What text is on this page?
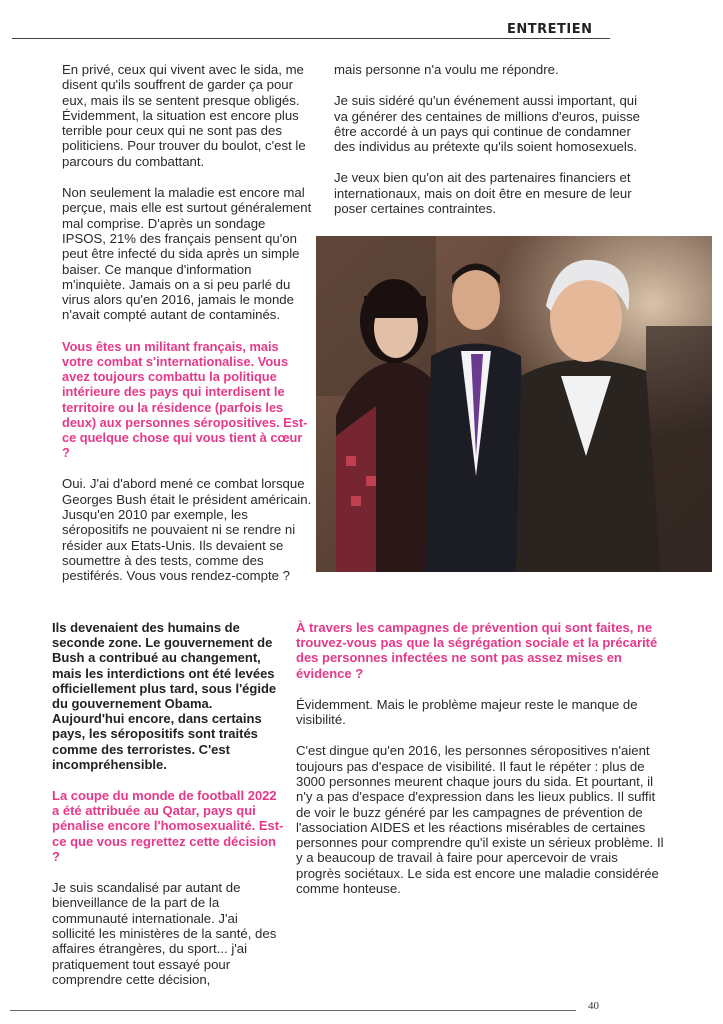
ENTRETIEN

En privé, ceux qui vivent avec le sida, me disent qu'ils souffrent de garder ça pour eux, mais ils se sentent presque obligés. Évidemment, la situation est encore plus terrible pour ceux qui ne sont pas des politiciens. Pour trouver du boulot, c'est le parcours du combattant.

Non seulement la maladie est encore mal perçue, mais elle est surtout généralement mal comprise. D'après un sondage IPSOS, 21% des français pensent qu'on peut être infecté du sida après un simple baiser. Ce manque d'information m'inquiète. Jamais on a si peu parlé du virus alors qu'en 2016, jamais le monde n'avait compté autant de contaminés.

Vous êtes un militant français, mais votre combat s'internationalise. Vous avez toujours combattu la politique intérieure des pays qui interdisent le territoire ou la résidence (parfois les deux) aux personnes séropositives. Est-ce quelque chose qui vous tient à cœur ?

Oui. J'ai d'abord mené ce combat lorsque Georges Bush était le président américain. Jusqu'en 2010 par exemple, les séropositifs ne pouvaient ni se rendre ni résider aux Etats-Unis. Ils devaient se soumettre à des tests, comme des pestiférés. Vous vous rendez-compte ?

mais personne n'a voulu me répondre.

Je suis sidéré qu'un événement aussi important, qui va générer des centaines de millions d'euros, puisse être accordé à un pays qui continue de condamner des individus au prétexte qu'ils soient homosexuels.

Je veux bien qu'on ait des partenaires financiers et internationaux, mais on doit être en mesure de leur poser certaines contraintes.

Ils devenaient des humains de seconde zone. Le gouvernement de Bush a contribué au changement, mais les interdictions ont été levées officiellement plus tard, sous l'égide du gouvernement Obama. Aujourd'hui encore, dans certains pays, les séropositifs sont traités comme des terroristes. C'est incompréhensible.

La coupe du monde de football 2022 a été attribuée au Qatar, pays qui pénalise encore l'homosexualité. Est-ce que vous regrettez cette décision ?

Je suis scandalisé par autant de bienveillance de la part de la communauté internationale. J'ai sollicité les ministères de la santé, des affaires étrangères, du sport... j'ai pratiquement tout essayé pour comprendre cette décision,

À travers les campagnes de prévention qui sont faites, ne trouvez-vous pas que la ségrégation sociale et la précarité des personnes infectées ne sont pas assez mises en évidence ?

Évidemment. Mais le problème majeur reste le manque de visibilité.

C'est dingue qu'en 2016, les personnes séropositives n'aient toujours pas d'espace de visibilité. Il faut le répéter : plus de 3000 personnes meurent chaque jours du sida. Et pourtant, il n'y a pas d'espace d'expression dans les lieux publics. Il suffit de voir le buzz généré par les campagnes de prévention de l'association AIDES et les réactions misérables de certaines personnes pour comprendre qu'il existe un sérieux problème. Il y a beaucoup de travail à faire pour apercevoir de vrais progrès sociétaux. Le sida est encore une maladie considérée comme honteuse.

40
